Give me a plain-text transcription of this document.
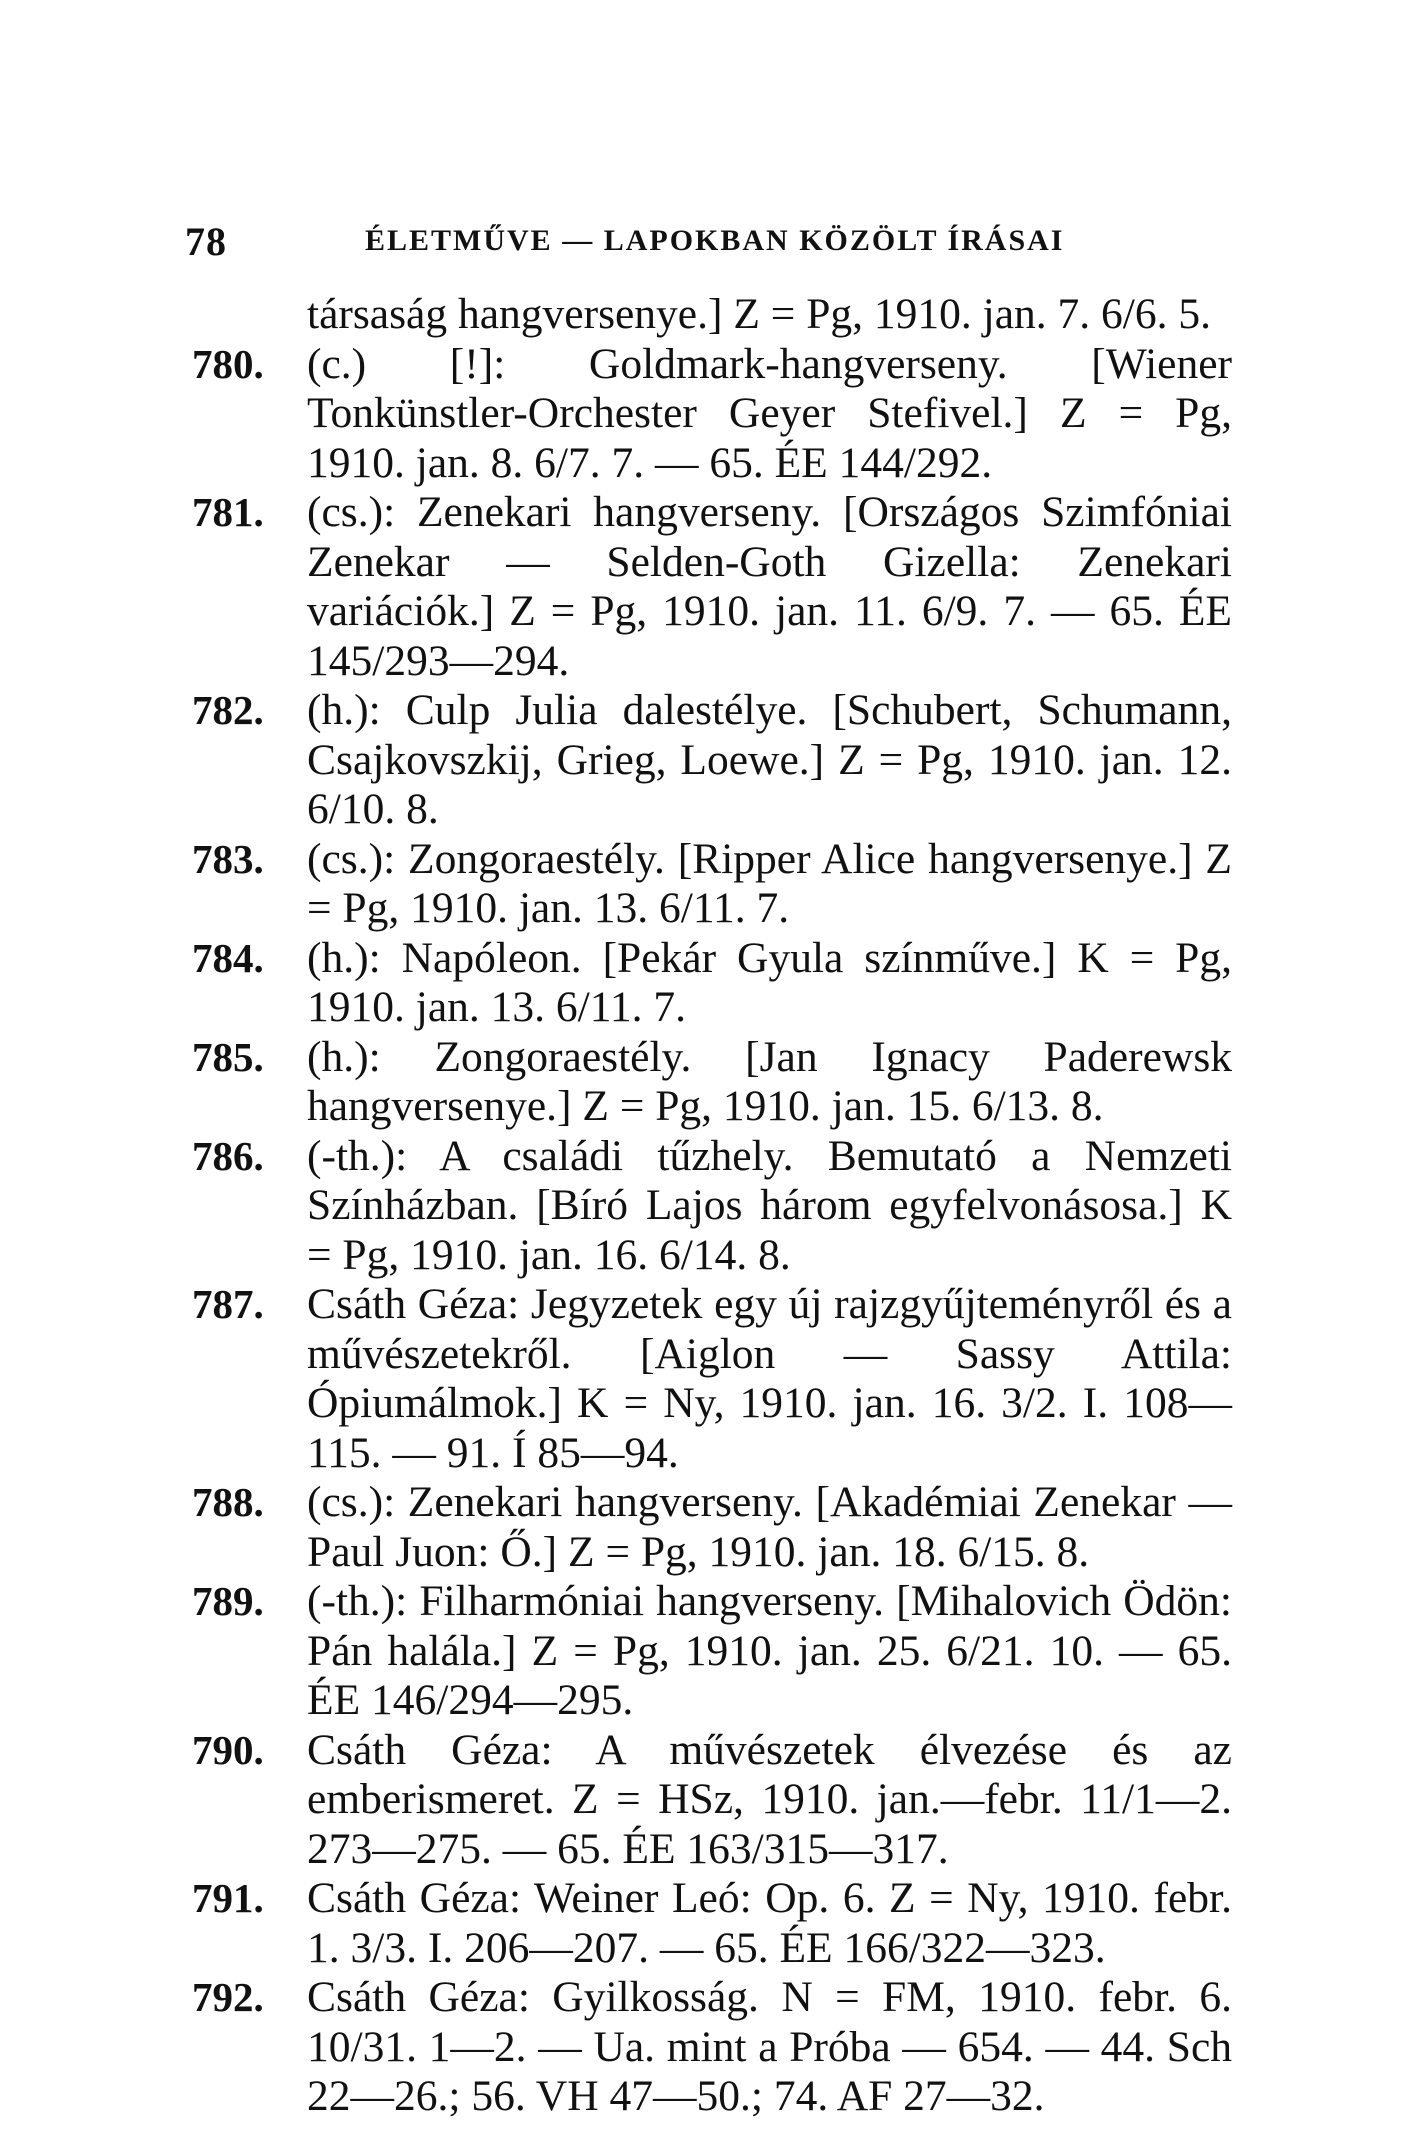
78	ÉLETMŰVE — LAPOKBAN KÖZÖLT ÍRÁSAI
társaság hangversenye.] Z = Pg, 1910. jan. 7. 6/6. 5.
780. (c.) [!]: Goldmark-hangverseny. [Wiener Tonkünstler-Orchester Geyer Stefivel.] Z = Pg, 1910. jan. 8. 6/7. 7. — 65. ÉE 144/292.
781. (cs.): Zenekari hangverseny. [Országos Szimfóniai Zenekar — Selden-Goth Gizella: Zenekari variációk.] Z = Pg, 1910. jan. 11. 6/9. 7. — 65. ÉE 145/293—294.
782. (h.): Culp Julia dalestélye. [Schubert, Schumann, Csajkovszkij, Grieg, Loewe.] Z = Pg, 1910. jan. 12. 6/10. 8.
783. (cs.): Zongoraestély. [Ripper Alice hangversenye.] Z = Pg, 1910. jan. 13. 6/11. 7.
784. (h.): Napóleon. [Pekár Gyula színműve.] K = Pg, 1910. jan. 13. 6/11. 7.
785. (h.): Zongoraestély. [Jan Ignacy Paderewsk hangversenye.] Z = Pg, 1910. jan. 15. 6/13. 8.
786. (-th.): A családi tűzhely. Bemutató a Nemzeti Színházban. [Bíró Lajos három egyfelvonásosa.] K = Pg, 1910. jan. 16. 6/14. 8.
787. Csáth Géza: Jegyzetek egy új rajzgyűjteményről és a művészetekről. [Aiglon — Sassy Attila: Ópiumálmok.] K = Ny, 1910. jan. 16. 3/2. I. 108—115. — 91. Í 85—94.
788. (cs.): Zenekari hangverseny. [Akadémiai Zenekar — Paul Juon: Ő.] Z = Pg, 1910. jan. 18. 6/15. 8.
789. (-th.): Filharmóniai hangverseny. [Mihalovich Ödön: Pán halála.] Z = Pg, 1910. jan. 25. 6/21. 10. — 65. ÉE 146/294—295.
790. Csáth Géza: A művészetek élvezése és az emberismeret. Z = HSz, 1910. jan.—febr. 11/1—2. 273—275. — 65. ÉE 163/315—317.
791. Csáth Géza: Weiner Leó: Op. 6. Z = Ny, 1910. febr. 1. 3/3. I. 206—207. — 65. ÉE 166/322—323.
792. Csáth Géza: Gyilkosság. N = FM, 1910. febr. 6. 10/31. 1—2. — Ua. mint a Próba — 654. — 44. Sch 22—26.; 56. VH 47—50.; 74. AF 27—32.
